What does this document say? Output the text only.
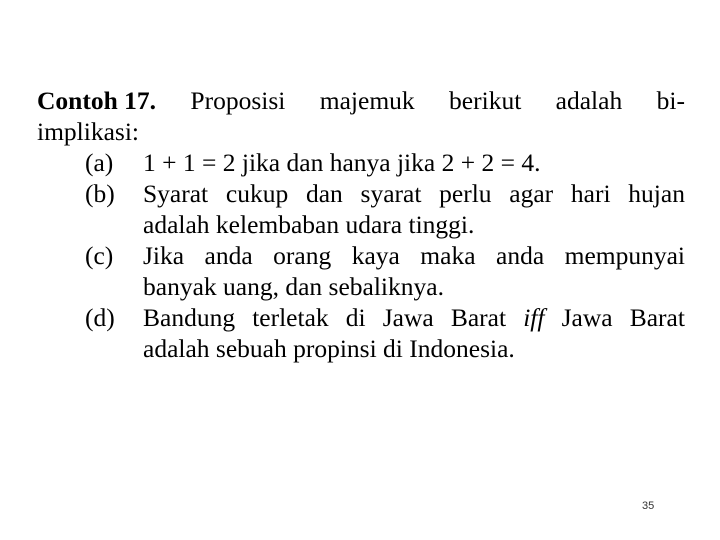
Contoh 17. Proposisi majemuk berikut adalah bi-
implikasi:
(a)	1 + 1 = 2 jika dan hanya jika 2 + 2 = 4.
(b)	Syarat cukup dan syarat perlu agar hari hujan
adalah kelembaban udara tinggi.
(c)	Jika anda orang kaya maka anda mempunyai
banyak uang, dan sebaliknya.
(d)	Bandung terletak di Jawa Barat iff Jawa Barat
adalah sebuah propinsi di Indonesia.
35
